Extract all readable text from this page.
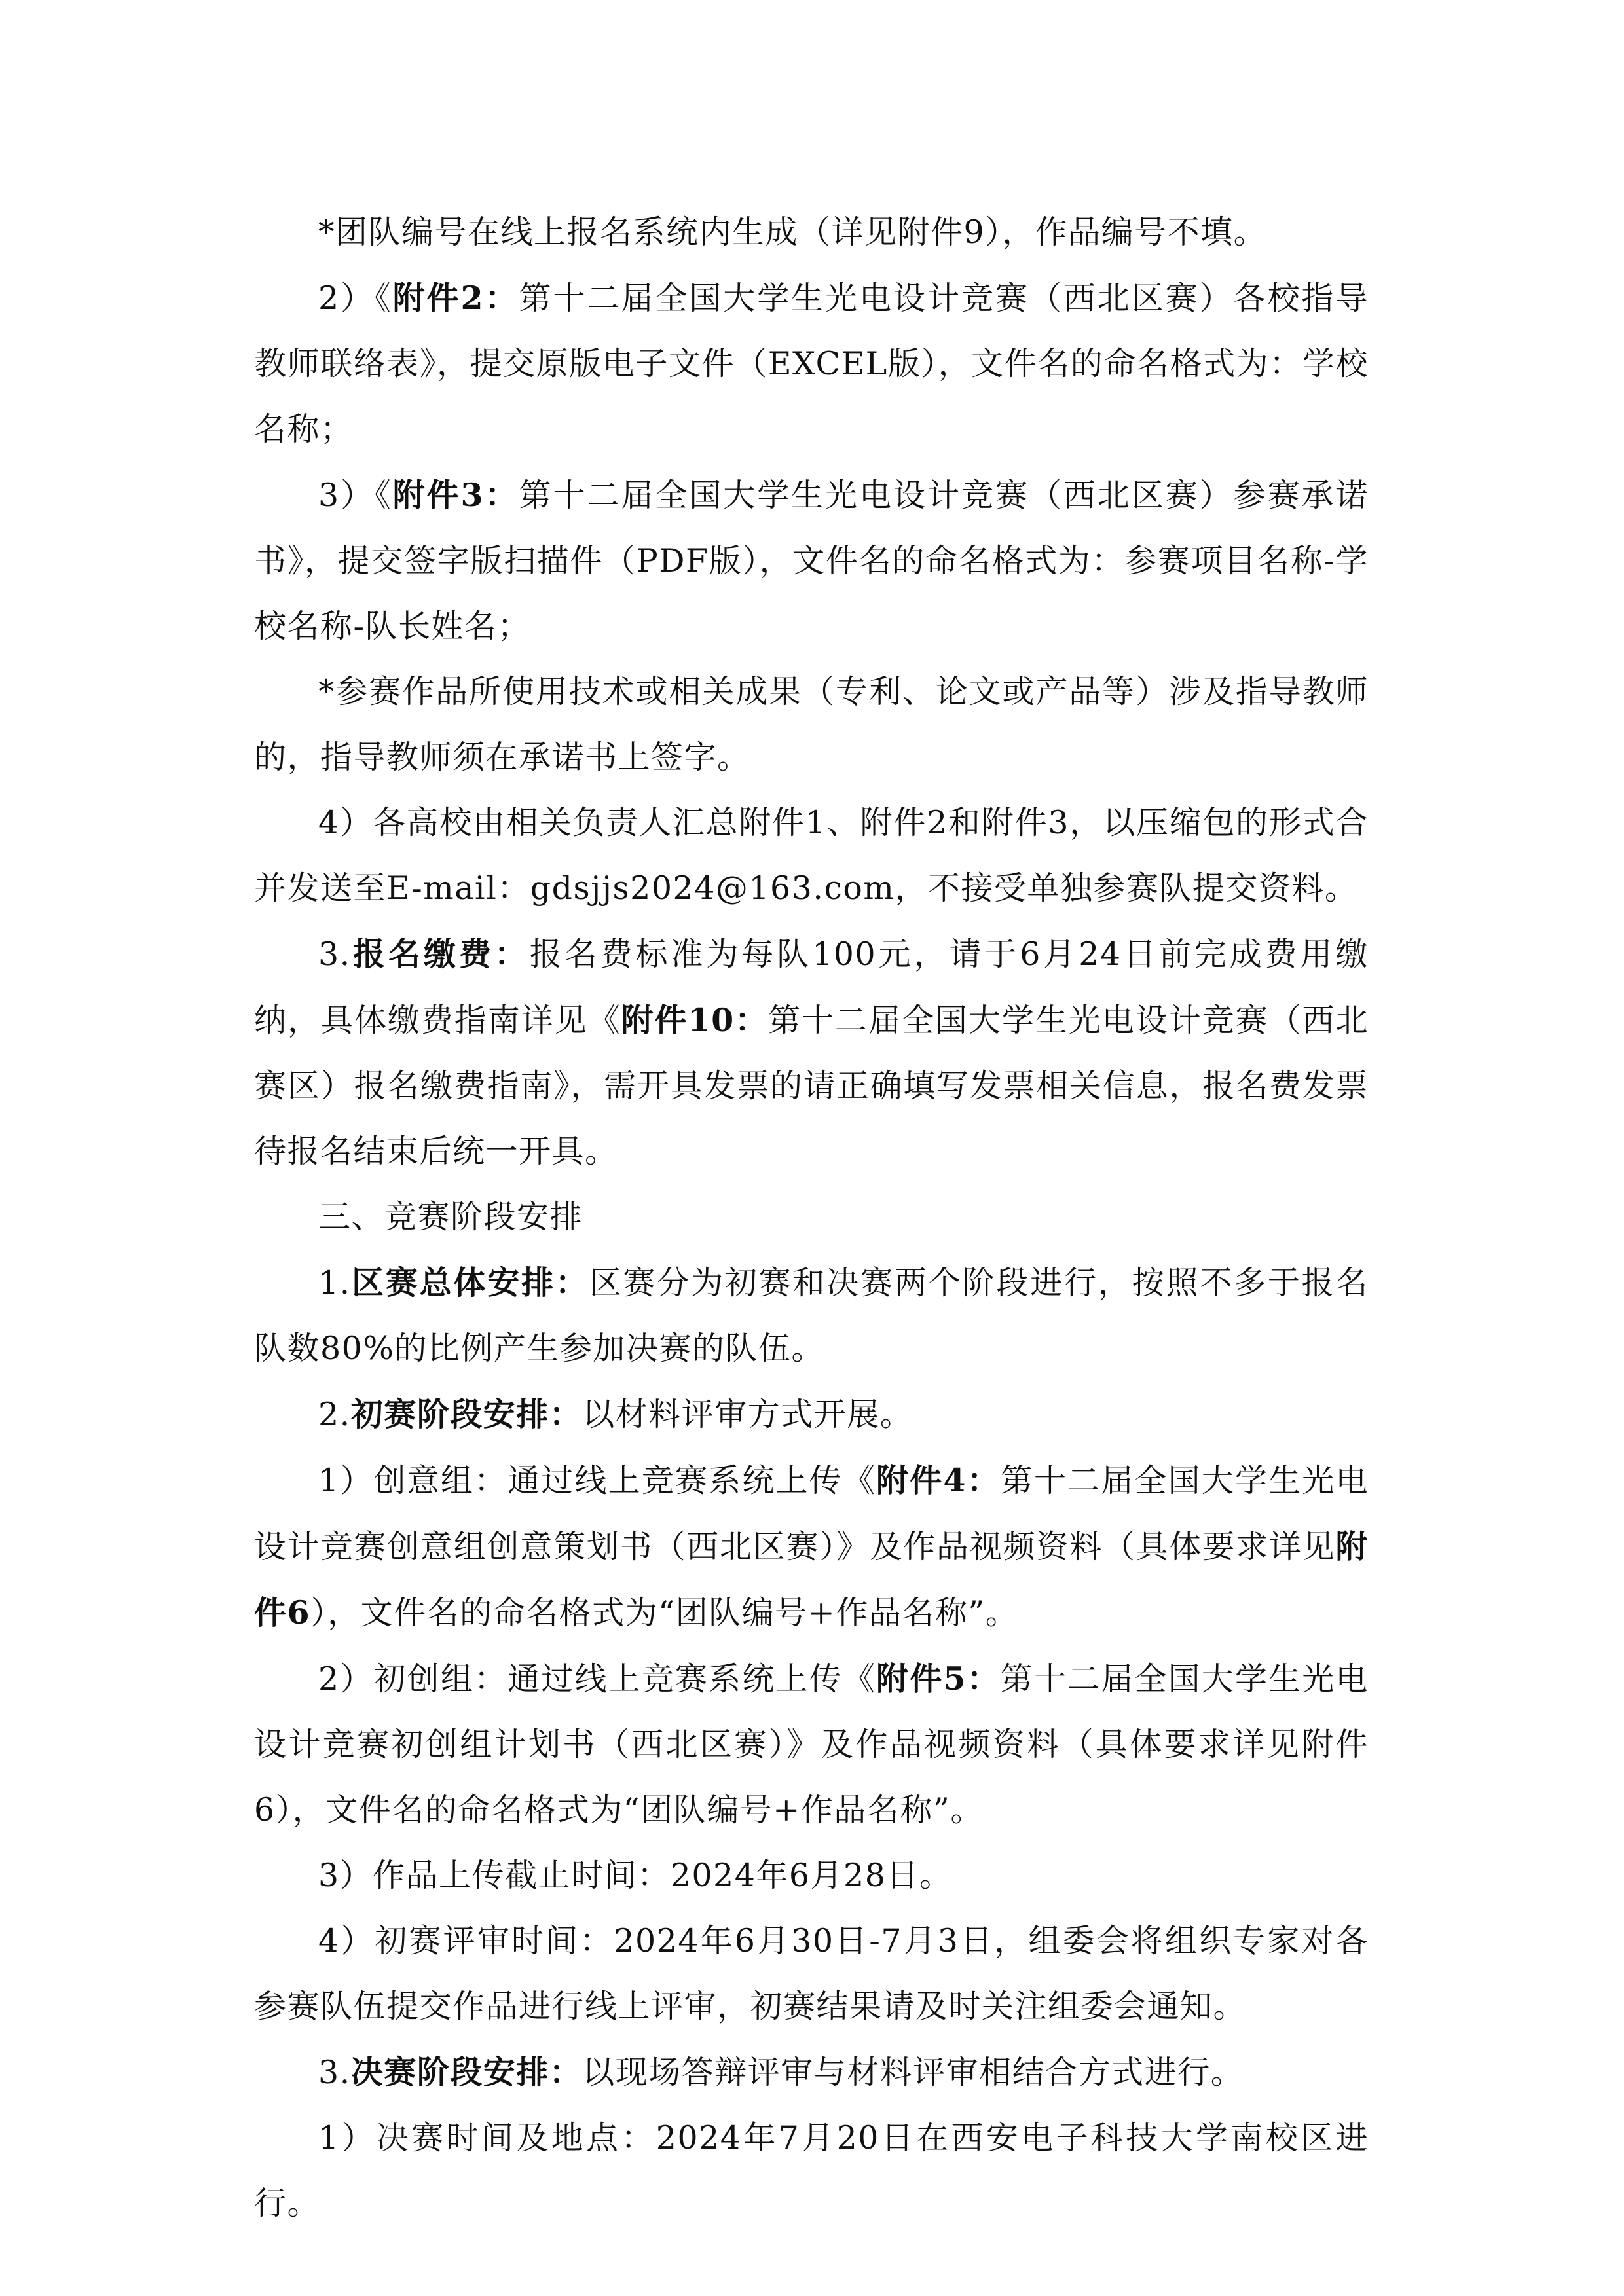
*团队编号在线上报名系统内生成（详见附件9），作品编号不填。

2）《附件2：第十二届全国大学生光电设计竞赛（西北区赛）各校指导教师联络表》，提交原版电子文件（EXCEL版），文件名的命名格式为：学校名称；

3）《附件3：第十二届全国大学生光电设计竞赛（西北区赛）参赛承诺书》，提交签字版扫描件（PDF版），文件名的命名格式为：参赛项目名称-学校名称-队长姓名；

*参赛作品所使用技术或相关成果（专利、论文或产品等）涉及指导教师的，指导教师须在承诺书上签字。

4）各高校由相关负责人汇总附件1、附件2和附件3，以压缩包的形式合并发送至E-mail：gdsjjs2024@163.com，不接受单独参赛队提交资料。

3.报名缴费：报名费标准为每队100元，请于6月24日前完成费用缴纳，具体缴费指南详见《附件10：第十二届全国大学生光电设计竞赛（西北赛区）报名缴费指南》，需开具发票的请正确填写发票相关信息，报名费发票待报名结束后统一开具。

三、竞赛阶段安排

1.区赛总体安排：区赛分为初赛和决赛两个阶段进行，按照不多于报名队数80%的比例产生参加决赛的队伍。

2.初赛阶段安排：以材料评审方式开展。

1）创意组：通过线上竞赛系统上传《附件4：第十二届全国大学生光电设计竞赛创意组创意策划书（西北区赛）》及作品视频资料（具体要求详见附件6），文件名的命名格式为“团队编号+作品名称”。

2）初创组：通过线上竞赛系统上传《附件5：第十二届全国大学生光电设计竞赛初创组计划书（西北区赛）》及作品视频资料（具体要求详见附件6），文件名的命名格式为“团队编号+作品名称”。

3）作品上传截止时间：2024年6月28日。

4）初赛评审时间：2024年6月30日-7月3日，组委会将组织专家对各参赛队伍提交作品进行线上评审，初赛结果请及时关注组委会通知。

3.决赛阶段安排：以现场答辩评审与材料评审相结合方式进行。

1）决赛时间及地点：2024年7月20日在西安电子科技大学南校区进行。
